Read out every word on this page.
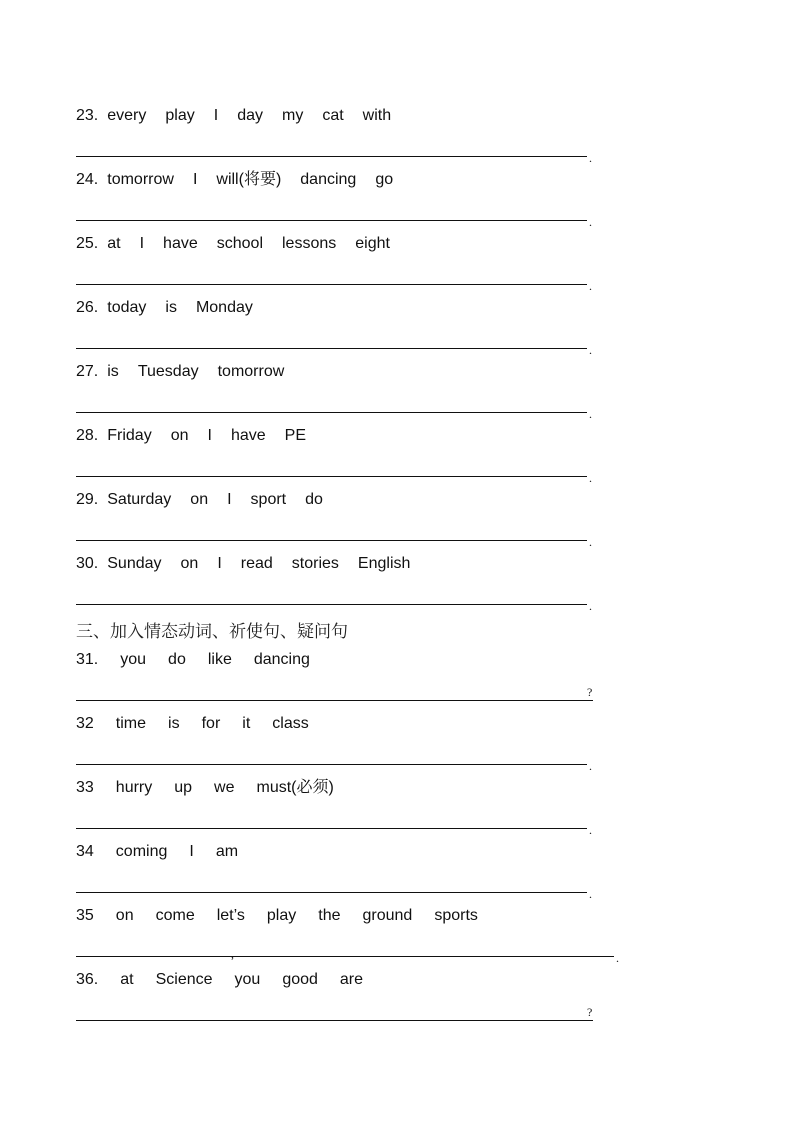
三、加入情态动词、祈使句、疑问句
23. every play I day my cat with
.
24. tomorrow I will(将要) dancing go
.
25. at I have school lessons eight
.
26. today is Monday
.
27. is Tuesday tomorrow
.
28. Friday on I have PE
.
29. Saturday on I sport do
.
30. Sunday on I read stories English
.
31. you do like dancing
?
32 time is for it class
.
33 hurry up we must(必须)
.
34 coming I am
.
35 on come let’s play the ground sports
.
,
36. at Science you good are
?
